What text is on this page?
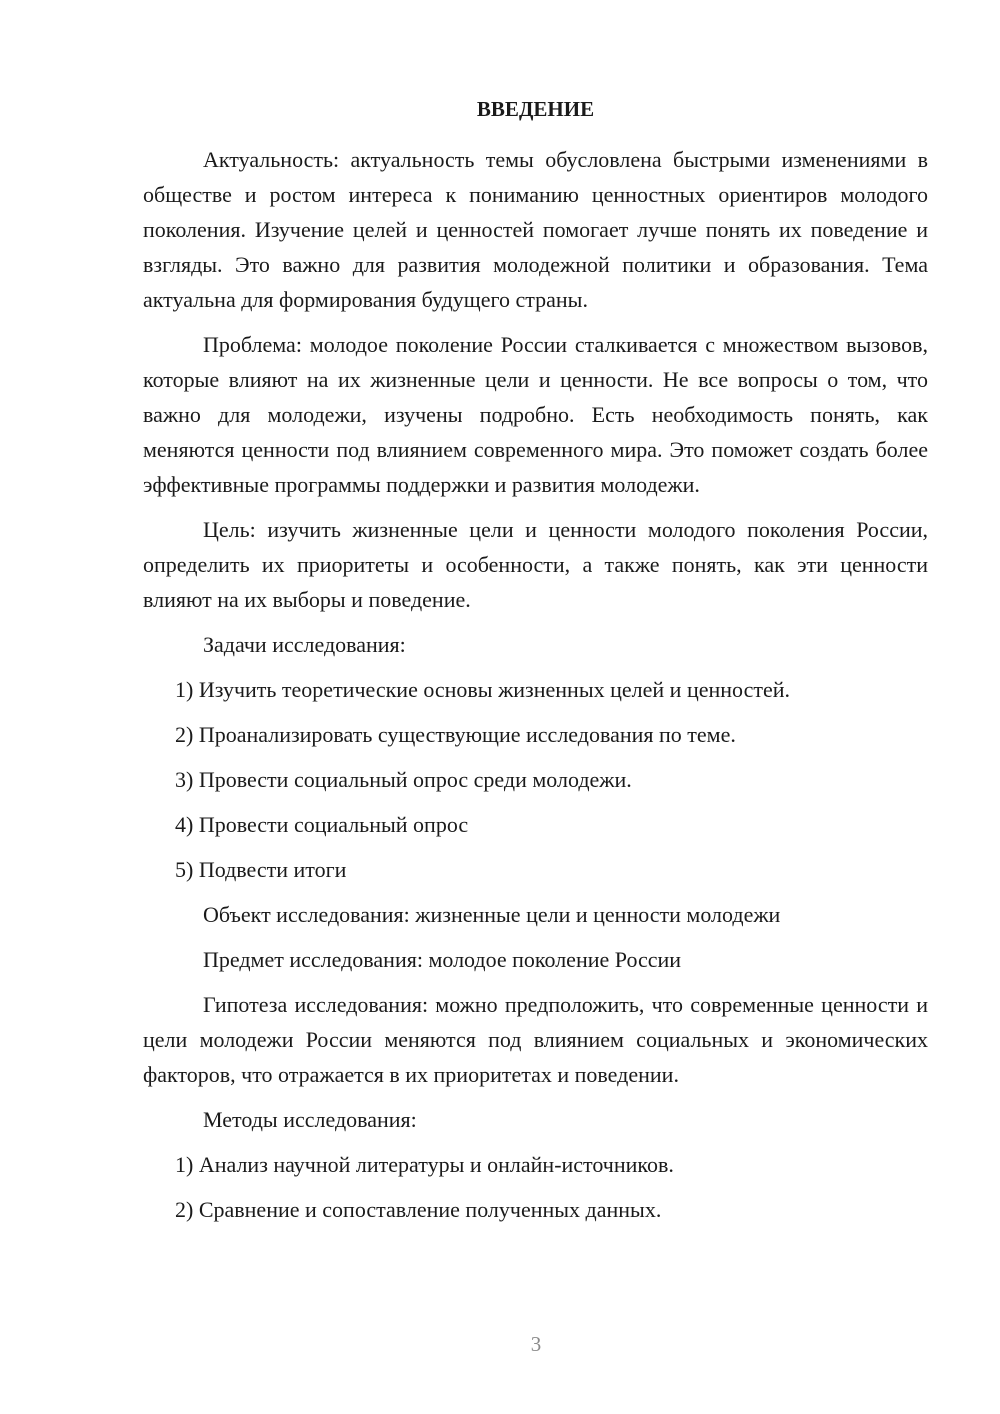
ВВЕДЕНИЕ

Актуальность: актуальность темы обусловлена быстрыми изменениями в обществе и ростом интереса к пониманию ценностных ориентиров молодого поколения. Изучение целей и ценностей помогает лучше понять их поведение и взгляды. Это важно для развития молодежной политики и образования. Тема актуальна для формирования будущего страны.

Проблема: молодое поколение России сталкивается с множеством вызовов, которые влияют на их жизненные цели и ценности. Не все вопросы о том, что важно для молодежи, изучены подробно. Есть необходимость понять, как меняются ценности под влиянием современного мира. Это поможет создать более эффективные программы поддержки и развития молодежи.

Цель: изучить жизненные цели и ценности молодого поколения России, определить их приоритеты и особенности, а также понять, как эти ценности влияют на их выборы и поведение.

Задачи исследования:

1) Изучить теоретические основы жизненных целей и ценностей.

2) Проанализировать существующие исследования по теме.

3) Провести социальный опрос среди молодежи.

4) Провести социальный опрос

5) Подвести итоги

Объект исследования: жизненные цели и ценности молодежи

Предмет исследования: молодое поколение России

Гипотеза исследования: можно предположить, что современные ценности и цели молодежи России меняются под влиянием социальных и экономических факторов, что отражается в их приоритетах и поведении.

Методы исследования:

1) Анализ научной литературы и онлайн-источников.

2) Сравнение и сопоставление полученных данных.

3
